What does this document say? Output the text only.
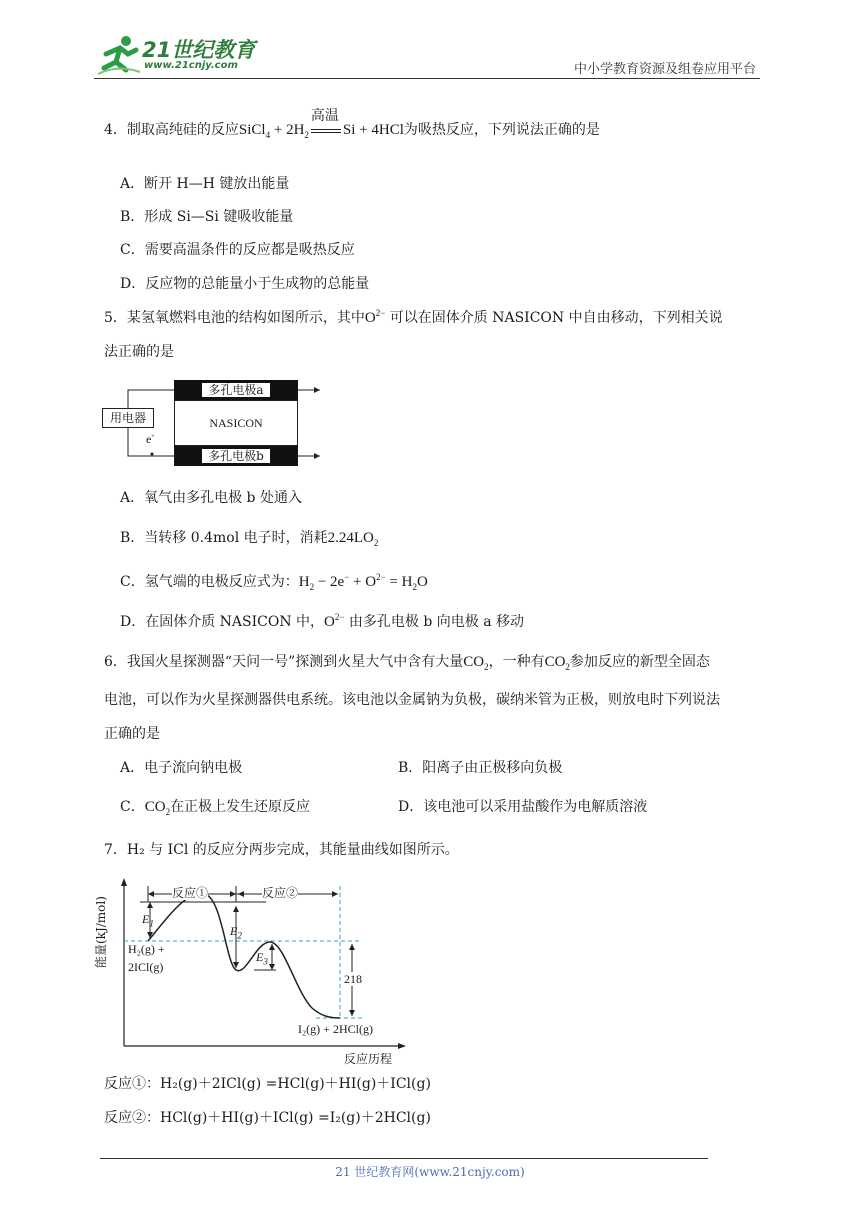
21世纪教育
www.21cnjy.com	中小学教育资源及组卷应用平台
4．制取高纯硅的反应SiCl$_4$ + $2H_2$
高温
Si + 4HCl为吸热反应，下列说法正确的是
A．断开 H—H 键放出能量
B．形成 Si—Si 键吸收能量
C．需要高温条件的反应都是吸热反应
D．反应物的总能量小于生成物的总能量
5．某氢氧燃料电池的结构如图所示，其中$O^{2-}$ 可以在固体介质 NASICON 中自由移动，下列相关说
法正确的是
多孔电极a
NASICON
多孔电极b
用电器
e-
A．氧气由多孔电极 b 处通入
B．当转移 0.4mol 电子时，消耗$2.24LO_2$
C．氢气端的电极反应式为：$H_2 - 2e^- + O^{2-} = H_2O$
D．在固体介质 NASICON 中，$O^{2-}$ 由多孔电极 b 向电极 a 移动
6．我国火星探测器“天问一号”探测到火星大气中含有大量$CO_2$，一种有$CO_2$参加反应的新型全固态
电池，可以作为火星探测器供电系统。该电池以金属钠为负极，碳纳米管为正极，则放电时下列说法
正确的是
A．电子流向钠电极	B．阳离子由正极移向负极
C．$CO_2$在正极上发生还原反应	D．该电池可以采用盐酸作为电解质溶液
7．H₂ 与 ICl 的反应分两步完成，其能量曲线如图所示。
能量(kJ/mol)
反应历程
反应①	反应②
$E_1$
$E_2$
$E_3$
218
H₂(g) +
2ICl(g)
I₂(g) + 2HCl(g)
反应①：H₂(g)＋2ICl(g) =HCl(g)＋HI(g)＋ICl(g)
反应②：HCl(g)＋HI(g)＋ICl(g) =I₂(g)＋2HCl(g)
21 世纪教育网(www.21cnjy.com)
